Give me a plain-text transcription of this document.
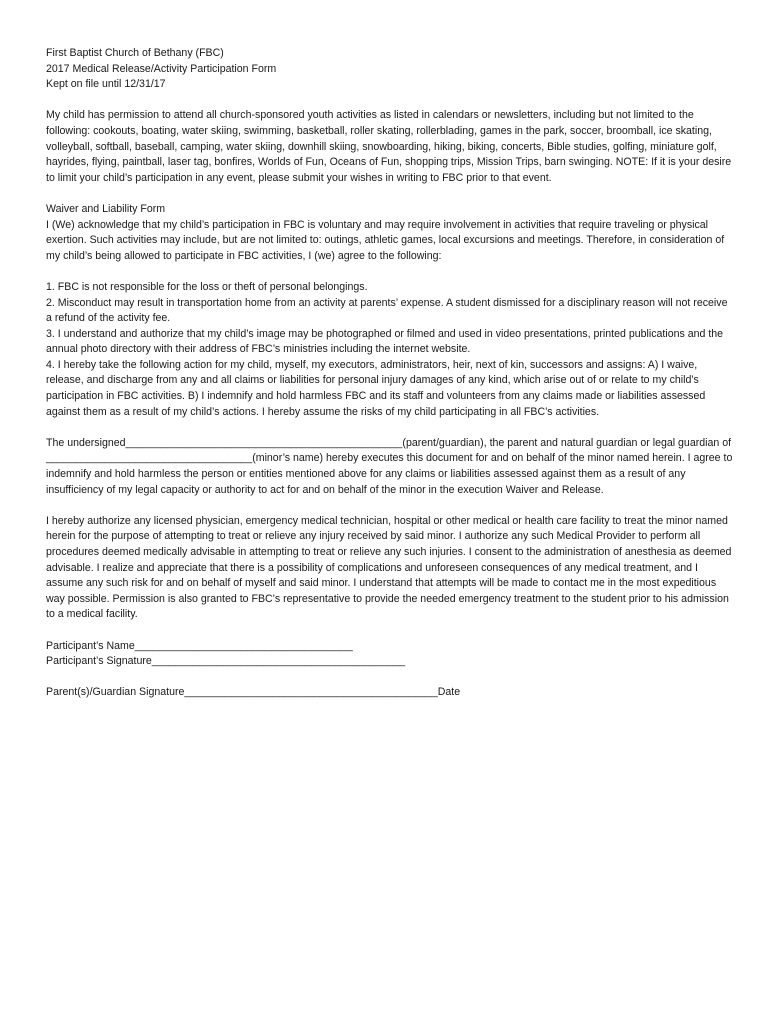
First Baptist Church of Bethany (FBC)

2017 Medical Release/Activity Participation Form

Kept on file until 12/31/17

My child has permission to attend all church-sponsored youth activities as listed in calendars or newsletters, including but not limited to the following: cookouts, boating, water skiing, swimming, basketball, roller skating, rollerblading, games in the park, soccer, broomball, ice skating, volleyball, softball, baseball, camping, water skiing, downhill skiing, snowboarding, hiking, biking, concerts, Bible studies, golfing, miniature golf, hayrides, flying, paintball, laser tag, bonfires, Worlds of Fun, Oceans of Fun, shopping trips, Mission Trips, barn swinging. NOTE: If it is your desire to limit your child’s participation in any event, please submit your wishes in writing to FBC prior to that event.

Waiver and Liability Form

I (We) acknowledge that my child’s participation in FBC is voluntary and may require involvement in activities that require traveling or physical exertion. Such activities may include, but are not limited to: outings, athletic games, local excursions and meetings. Therefore, in consideration of my child’s being allowed to participate in FBC activities, I (we) agree to the following:

1. FBC is not responsible for the loss or theft of personal belongings.

2. Misconduct may result in transportation home from an activity at parents’ expense. A student dismissed for a disciplinary reason will not receive a refund of the activity fee.

3. I understand and authorize that my child’s image may be photographed or filmed and used in video presentations, printed publications and the annual photo directory with their address of FBC’s ministries including the internet website.

4. I hereby take the following action for my child, myself, my executors, administrators, heir, next of kin, successors and assigns: A) I waive, release, and discharge from any and all claims or liabilities for personal injury damages of any kind, which arise out of or relate to my child’s participation in FBC activities. B) I indemnify and hold harmless FBC and its staff and volunteers from any claims made or liabilities assessed against them as a result of my child’s actions. I hereby assume the risks of my child participating in all FBC’s activities.

The undersigned_______________________________________________(parent/guardian), the parent and natural guardian or legal guardian of ___________________________________(minor’s name) hereby executes this document for and on behalf of the minor named herein. I agree to indemnify and hold harmless the person or entities mentioned above for any claims or liabilities assessed against them as a result of any insufficiency of my legal capacity or authority to act for and on behalf of the minor in the execution Waiver and Release.

I hereby authorize any licensed physician, emergency medical technician, hospital or other medical or health care facility to treat the minor named herein for the purpose of attempting to treat or relieve any injury received by said minor. I authorize any such Medical Provider to perform all procedures deemed medically advisable in attempting to treat or relieve any such injuries. I consent to the administration of anesthesia as deemed advisable. I realize and appreciate that there is a possibility of complications and unforeseen consequences of any medical treatment, and I assume any such risk for and on behalf of myself and said minor. I understand that attempts will be made to contact me in the most expeditious way possible. Permission is also granted to FBC’s representative to provide the needed emergency treatment to the student prior to his admission to a medical facility.

Participant’s Name_____________________________________

Participant’s Signature___________________________________________

Parent(s)/Guardian Signature___________________________________________Date
